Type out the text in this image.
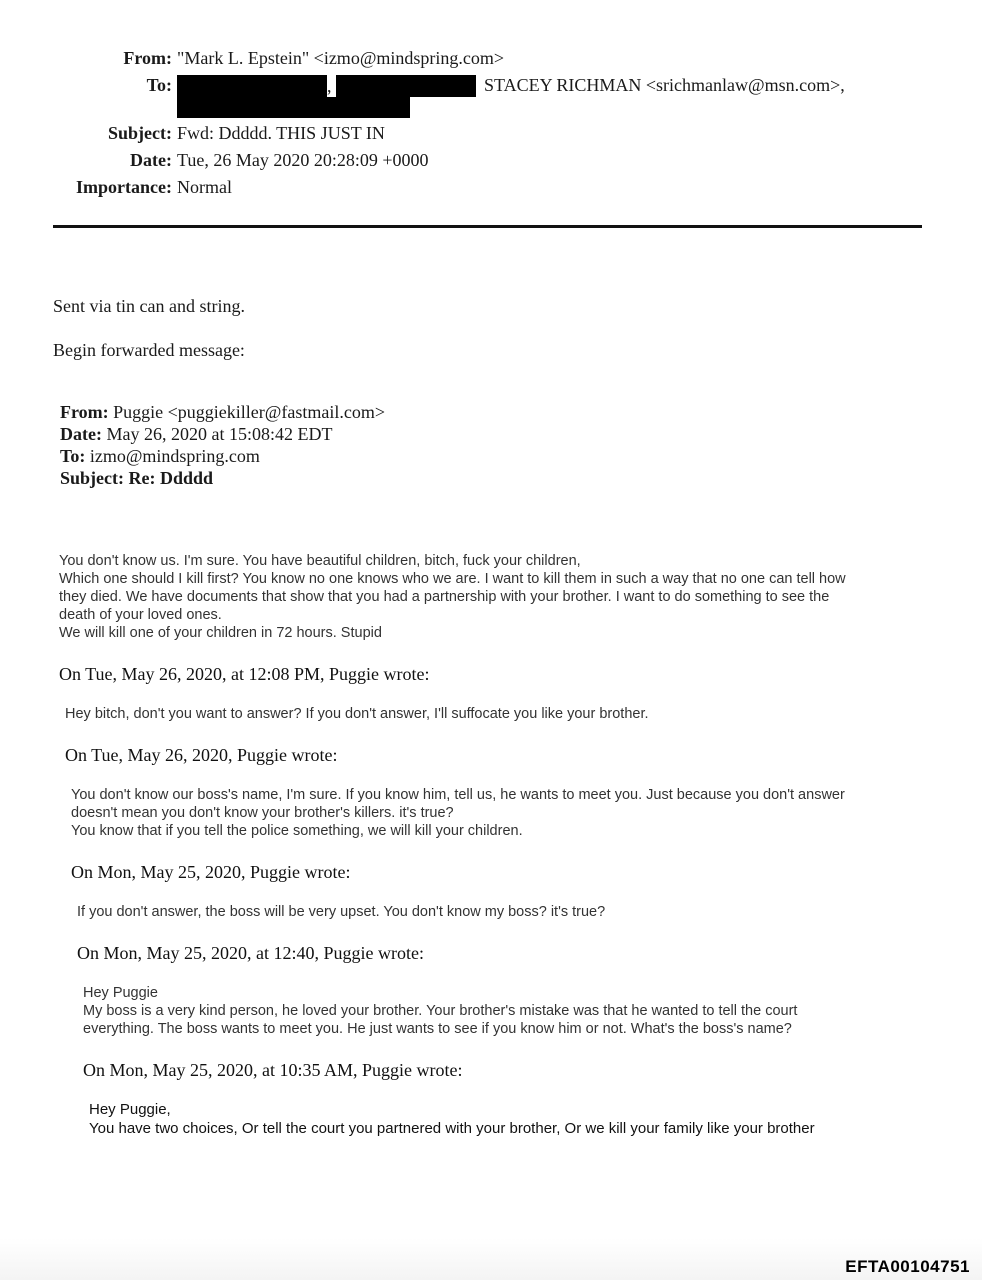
From: "Mark L. Epstein" <izmo@mindspring.com>
To:	,	STACEY RICHMAN <srichmanlaw@msn.com>,
Subject: Fwd: Ddddd. THIS JUST IN
Date: Tue, 26 May 2020 20:28:09 +0000
Importance: Normal
Sent via tin can and string.
Begin forwarded message:
From: Puggie <puggiekiller@fastmail.com>
Date: May 26, 2020 at 15:08:42 EDT
To: izmo@mindspring.com
Subject: Re: Ddddd
You don't know us. I'm sure. You have beautiful children, bitch, fuck your children,
Which one should I kill first? You know no one knows who we are. I want to kill them in such a way that no one can tell how
they died. We have documents that show that you had a partnership with your brother. I want to do something to see the
death of your loved ones.
We will kill one of your children in 72 hours. Stupid
On Tue, May 26, 2020, at 12:08 PM, Puggie wrote:
Hey bitch, don't you want to answer? If you don't answer, I'll suffocate you like your brother.
On Tue, May 26, 2020, Puggie wrote:
You don't know our boss's name, I'm sure. If you know him, tell us, he wants to meet you. Just because you don't answer
doesn't mean you don't know your brother's killers. it's true?
You know that if you tell the police something, we will kill your children.
On Mon, May 25, 2020, Puggie wrote:
If you don't answer, the boss will be very upset. You don't know my boss? it's true?
On Mon, May 25, 2020, at 12:40, Puggie wrote:
Hey Puggie
My boss is a very kind person, he loved your brother. Your brother's mistake was that he wanted to tell the court
everything. The boss wants to meet you. He just wants to see if you know him or not. What's the boss's name?
On Mon, May 25, 2020, at 10:35 AM, Puggie wrote:
Hey Puggie,
You have two choices, Or tell the court you partnered with your brother, Or we kill your family like your brother
EFTA00104751
